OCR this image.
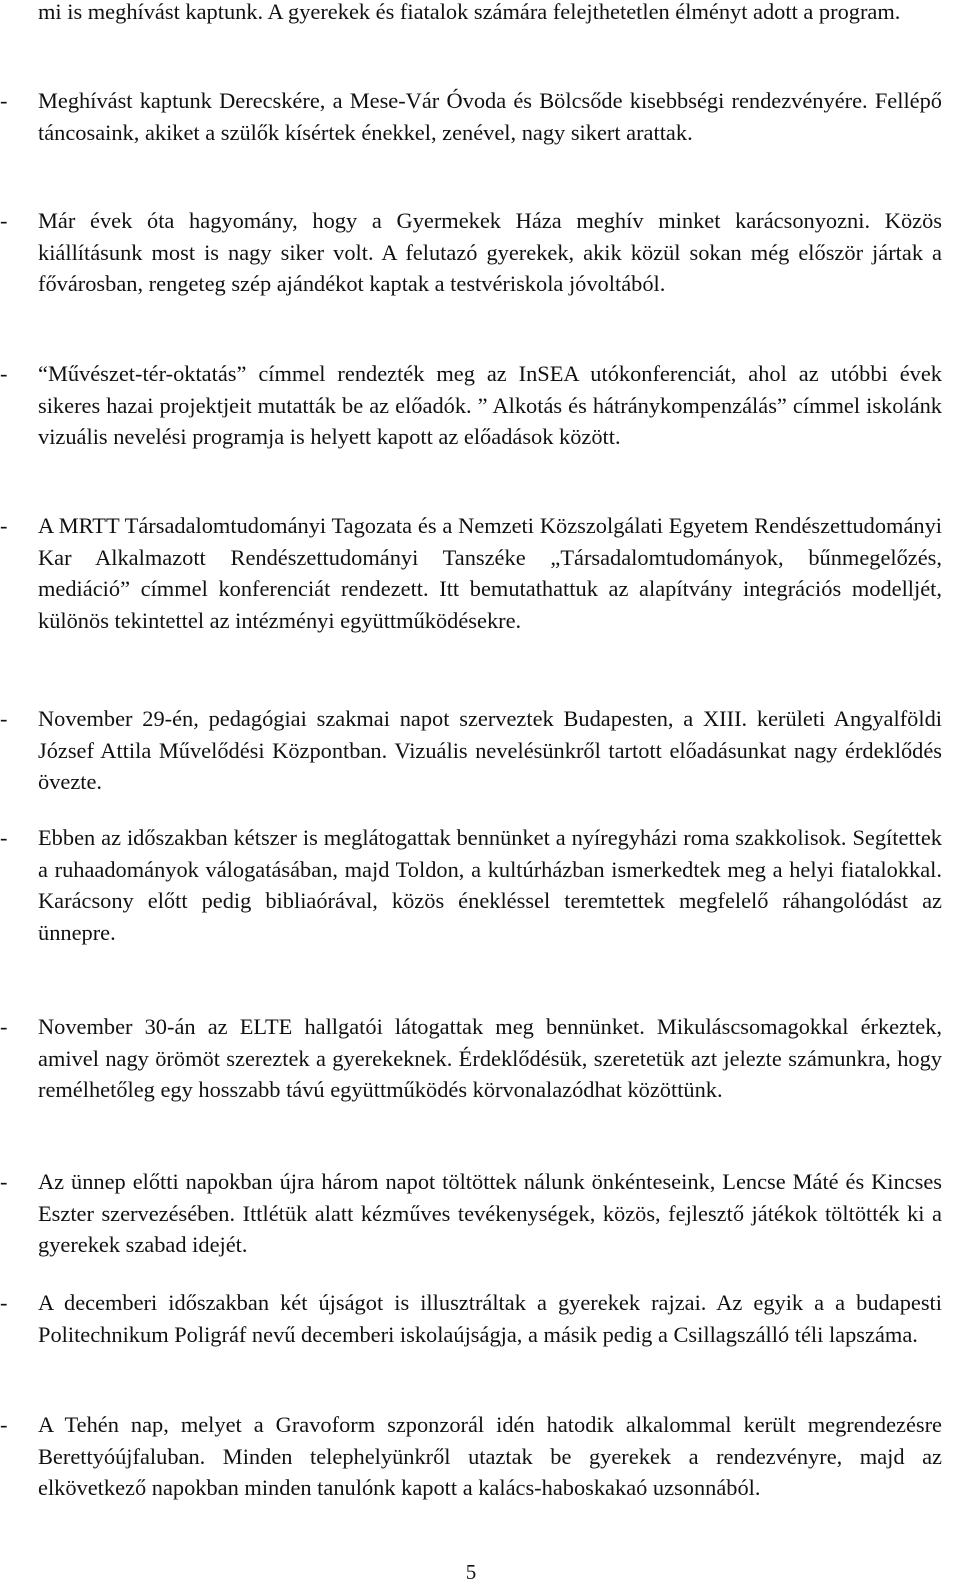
mi is meghívást kaptunk. A gyerekek és fiatalok számára felejthetetlen élményt adott a program.
-	Meghívást kaptunk Derecskére, a Mese-Vár Óvoda és Bölcsőde kisebbségi rendezvényére. Fellépő táncosaink, akiket a szülők kísértek énekkel, zenével, nagy sikert arattak.
-	Már évek óta hagyomány, hogy a Gyermekek Háza meghív minket karácsonyozni. Közös kiállításunk most is nagy siker volt. A felutazó gyerekek, akik közül sokan még először jártak a fővárosban, rengeteg szép ajándékot kaptak a testvériskola jóvoltából.
-	“Művészet-tér-oktatás” címmel rendezték meg az InSEA utókonferenciát, ahol az utóbbi évek sikeres hazai projektjeit mutatták be az előadók. ” Alkotás és hátránykompenzálás” címmel iskolánk vizuális nevelési programja is helyett kapott az előadások között.
-	A MRTT Társadalomtudományi Tagozata és a Nemzeti Közszolgálati Egyetem Rendészettudományi Kar Alkalmazott Rendészettudományi Tanszéke „Társadalomtudományok, bűnmegelőzés, mediáció” címmel konferenciát rendezett. Itt bemutathattuk az alapítvány integrációs modelljét, különös tekintettel az intézményi együttműködésekre.
-	November 29-én, pedagógiai szakmai napot szerveztek Budapesten, a XIII. kerületi Angyalföldi József Attila Művelődési Központban. Vizuális nevelésünkről tartott előadásunkat nagy érdeklődés övezte.
-	Ebben az időszakban kétszer is meglátogattak bennünket a nyíregyházi roma szakkolisok. Segítettek a ruhaadományok válogatásában, majd Toldon, a kultúrházban ismerkedtek meg a helyi fiatalokkal. Karácsony előtt pedig bibliaórával, közös énekléssel teremtettek megfelelő ráhangolódást az ünnepre.
-	November 30-án az ELTE hallgatói látogattak meg bennünket. Mikuláscsomagokkal érkeztek, amivel nagy örömöt szereztek a gyerekeknek. Érdeklődésük, szeretetük azt jelezte számunkra, hogy remélhetőleg egy hosszabb távú együttműködés körvonalazódhat közöttünk.
-	Az ünnep előtti napokban újra három napot töltöttek nálunk önkénteseink, Lencse Máté és Kincses Eszter szervezésében. Ittlétük alatt kézműves tevékenységek, közös, fejlesztő játékok töltötték ki a gyerekek szabad idejét.
-	A decemberi időszakban két újságot is illusztráltak a gyerekek rajzai. Az egyik a a budapesti Politechnikum Poligráf nevű decemberi iskolaújságja, a másik pedig a Csillagszálló téli lapszáma.
-	A Tehén nap, melyet a Gravoform szponzorál idén hatodik alkalommal került megrendezésre Berettyóújfaluban. Minden telephelyünkről utaztak be gyerekek a rendezvényre, majd az elkövetkező napokban minden tanulónk kapott a kalács-haboskakaó uzsonnából.
5
